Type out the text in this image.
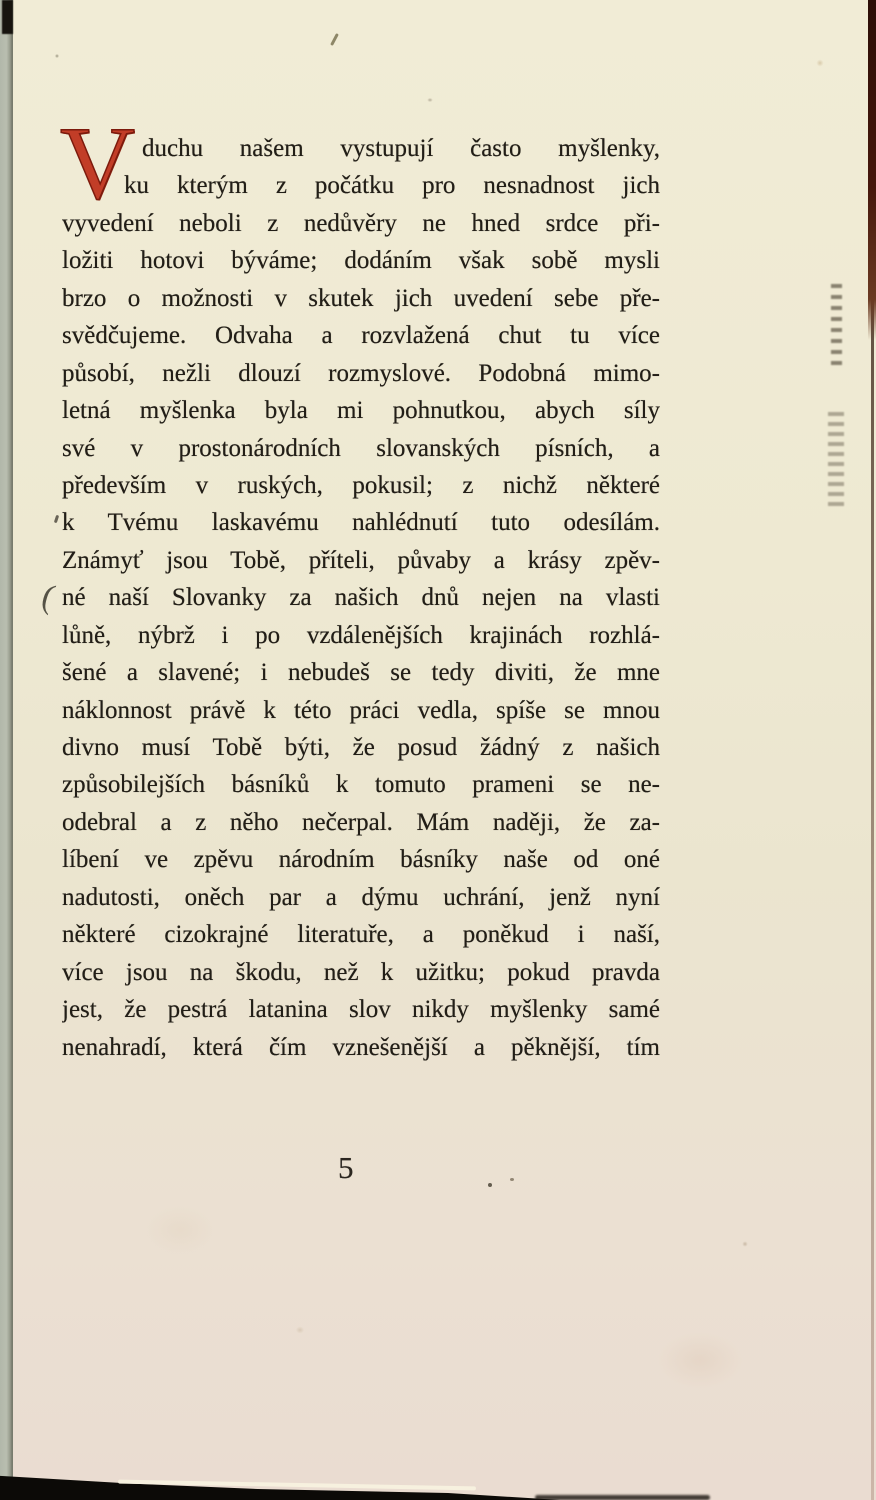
(
V duchu našem vystupují často myšlenky,
ku kterým z počátku pro nesnadnost jich
vyvedení neboli z nedůvěry ne hned srdce při-
ložiti hotovi býváme; dodáním však sobě mysli
brzo o možnosti v skutek jich uvedení sebe pře-
svědčujeme. Odvaha a rozvlažená chut tu více
působí, nežli dlouzí rozmyslové. Podobná mimo-
letná myšlenka byla mi pohnutkou, abych síly
své v prostonárodních slovanských písních, a
především v ruských, pokusil; z nichž některé
k Tvému laskavému nahlédnutí tuto odesílám.
Známyť jsou Tobě, příteli, půvaby a krásy zpěv-
né naší Slovanky za našich dnů nejen na vlasti
lůně, nýbrž i po vzdálenějších krajinách rozhlá-
šené a slavené; i nebudeš se tedy diviti, že mne
náklonnost právě k této práci vedla, spíše se mnou
divno musí Tobě býti, že posud žádný z našich
způsobilejších básníků k tomuto prameni se ne-
odebral a z něho nečerpal. Mám naději, že za-
líbení ve zpěvu národním básníky naše od oné
nadutosti, oněch par a dýmu uchrání, jenž nyní
některé cizokrajné literatuře, a poněkud i naší,
více jsou na škodu, než k užitku; pokud pravda
jest, že pestrá latanina slov nikdy myšlenky samé
nenahradí, která čím vznešenější a pěknější, tím
5
